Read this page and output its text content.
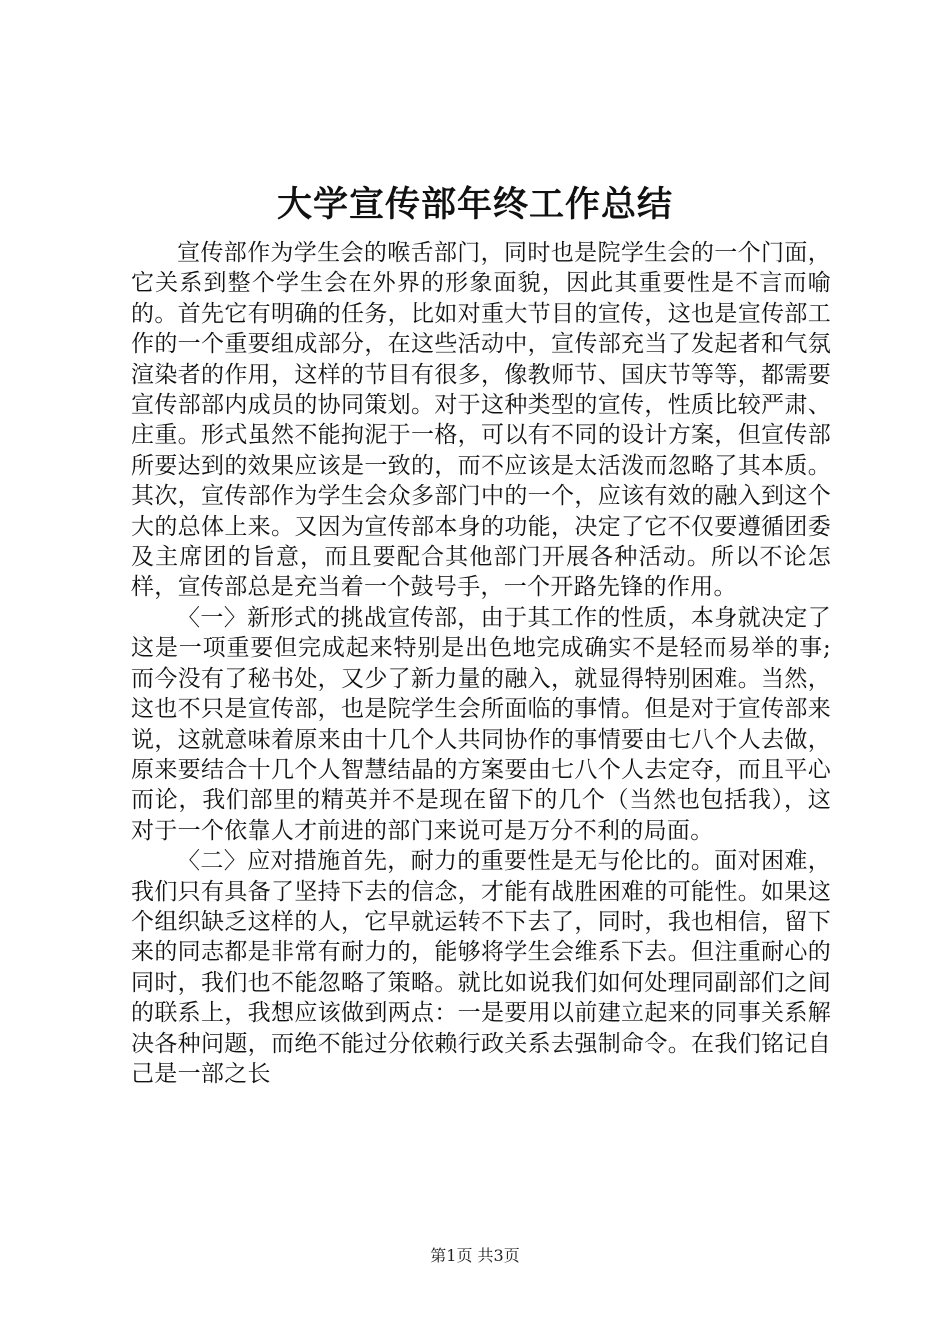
大学宣传部年终工作总结

宣传部作为学生会的喉舌部门，同时也是院学生会的一个门面，它关系到整个学生会在外界的形象面貌，因此其重要性是不言而喻的。首先它有明确的任务，比如对重大节目的宣传，这也是宣传部工作的一个重要组成部分，在这些活动中，宣传部充当了发起者和气氛渲染者的作用，这样的节目有很多，像教师节、国庆节等等，都需要宣传部部内成员的协同策划。对于这种类型的宣传，性质比较严肃、庄重。形式虽然不能拘泥于一格，可以有不同的设计方案，但宣传部所要达到的效果应该是一致的，而不应该是太活泼而忽略了其本质。其次，宣传部作为学生会众多部门中的一个，应该有效的融入到这个大的总体上来。又因为宣传部本身的功能，决定了它不仅要遵循团委及主席团的旨意，而且要配合其他部门开展各种活动。所以不论怎样，宣传部总是充当着一个鼓号手，一个开路先锋的作用。

〈一〉新形式的挑战宣传部，由于其工作的性质，本身就决定了这是一项重要但完成起来特别是出色地完成确实不是轻而易举的事;而今没有了秘书处，又少了新力量的融入，就显得特别困难。当然，这也不只是宣传部，也是院学生会所面临的事情。但是对于宣传部来说，这就意味着原来由十几个人共同协作的事情要由七八个人去做，原来要结合十几个人智慧结晶的方案要由七八个人去定夺，而且平心而论，我们部里的精英并不是现在留下的几个（当然也包括我），这对于一个依靠人才前进的部门来说可是万分不利的局面。

〈二〉应对措施首先，耐力的重要性是无与伦比的。面对困难，我们只有具备了坚持下去的信念，才能有战胜困难的可能性。如果这个组织缺乏这样的人，它早就运转不下去了，同时，我也相信，留下来的同志都是非常有耐力的，能够将学生会维系下去。但注重耐心的同时，我们也不能忽略了策略。就比如说我们如何处理同副部们之间的联系上，我想应该做到两点：一是要用以前建立起来的同事关系解决各种问题，而绝不能过分依赖行政关系去强制命令。在我们铭记自己是一部之长

第1页 共3页
